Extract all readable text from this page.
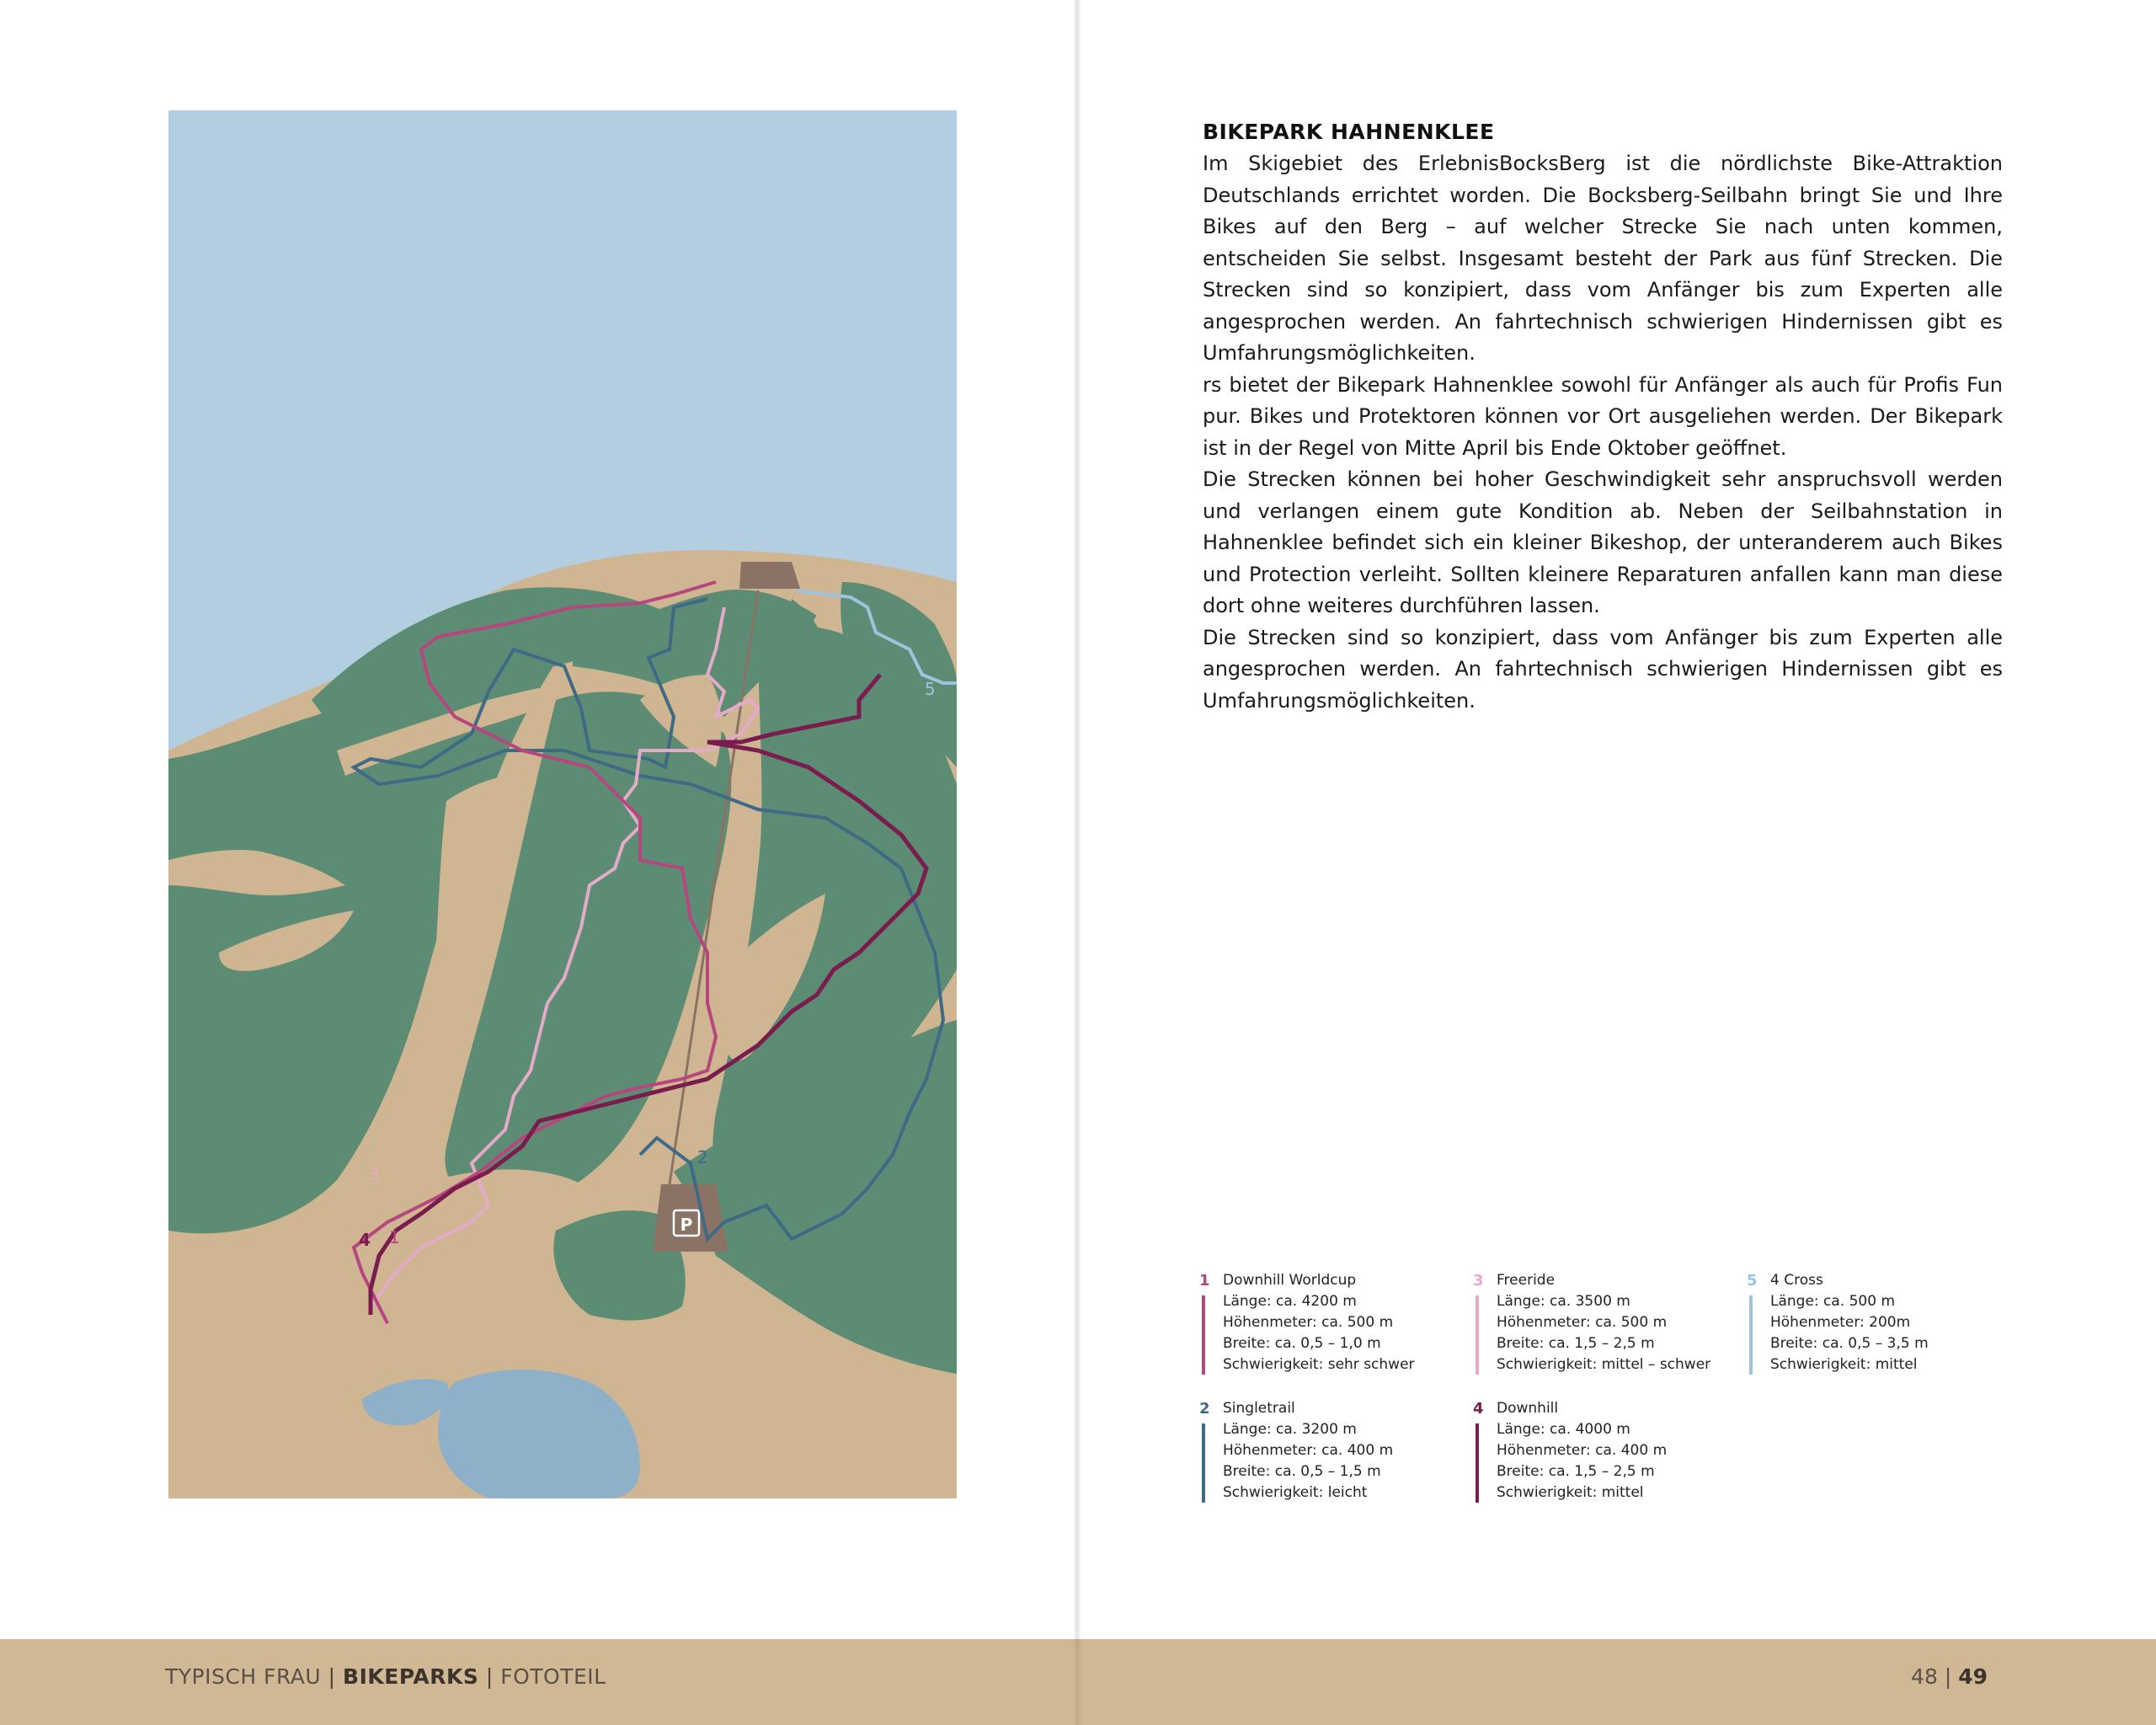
P
1
2
3
4
5
BIKEPARK HAHNENKLEE

Im Skigebiet des ErlebnisBocksBerg ist die nördlichste Bike-Attraktion Deutschlands errichtet worden. Die Bocksberg-Seilbahn bringt Sie und Ihre Bikes auf den Berg – auf welcher Strecke Sie nach unten kommen, entscheiden Sie selbst. Insgesamt besteht der Park aus fünf Strecken. Die Strecken sind so konzipiert, dass vom Anfänger bis zum Experten alle angesprochen werden. An fahrtechnisch schwierigen Hindernissen gibt es Umfahrungsmöglichkeiten.

rs bietet der Bikepark Hahnenklee sowohl für Anfänger als auch für Profis Fun pur. Bikes und Protektoren können vor Ort ausgeliehen werden. Der Bikepark ist in der Regel von Mitte April bis Ende Oktober geöffnet.

Die Strecken können bei hoher Geschwindigkeit sehr anspruchsvoll werden und verlangen einem gute Kondition ab. Neben der Seilbahnstation in Hahnenklee befindet sich ein kleiner Bikeshop, der unteranderem auch Bikes und Protection verleiht. Sollten kleinere Reparaturen anfallen kann man diese dort ohne weiteres durchführen lassen.

Die Strecken sind so konzipiert, dass vom Anfänger bis zum Experten alle angesprochen werden. An fahrtechnisch schwierigen Hindernissen gibt es Umfahrungsmöglichkeiten.

1 Downhill Worldcup
Länge: ca. 4200 m
Höhenmeter: ca. 500 m
Breite: ca. 0,5 – 1,0 m
Schwierigkeit: sehr schwer
3 Freeride
Länge: ca. 3500 m
Höhenmeter: ca. 500 m
Breite: ca. 1,5 – 2,5 m
Schwierigkeit: mittel – schwer
5 4 Cross
Länge: ca. 500 m
Höhenmeter: 200m
Breite: ca. 0,5 – 3,5 m
Schwierigkeit: mittel
2 Singletrail
Länge: ca. 3200 m
Höhenmeter: ca. 400 m
Breite: ca. 0,5 – 1,5 m
Schwierigkeit: leicht
4 Downhill
Länge: ca. 4000 m
Höhenmeter: ca. 400 m
Breite: ca. 1,5 – 2,5 m
Schwierigkeit: mittel
TYPISCH FRAU | BIKEPARKS | FOTOTEIL	48 | 49
